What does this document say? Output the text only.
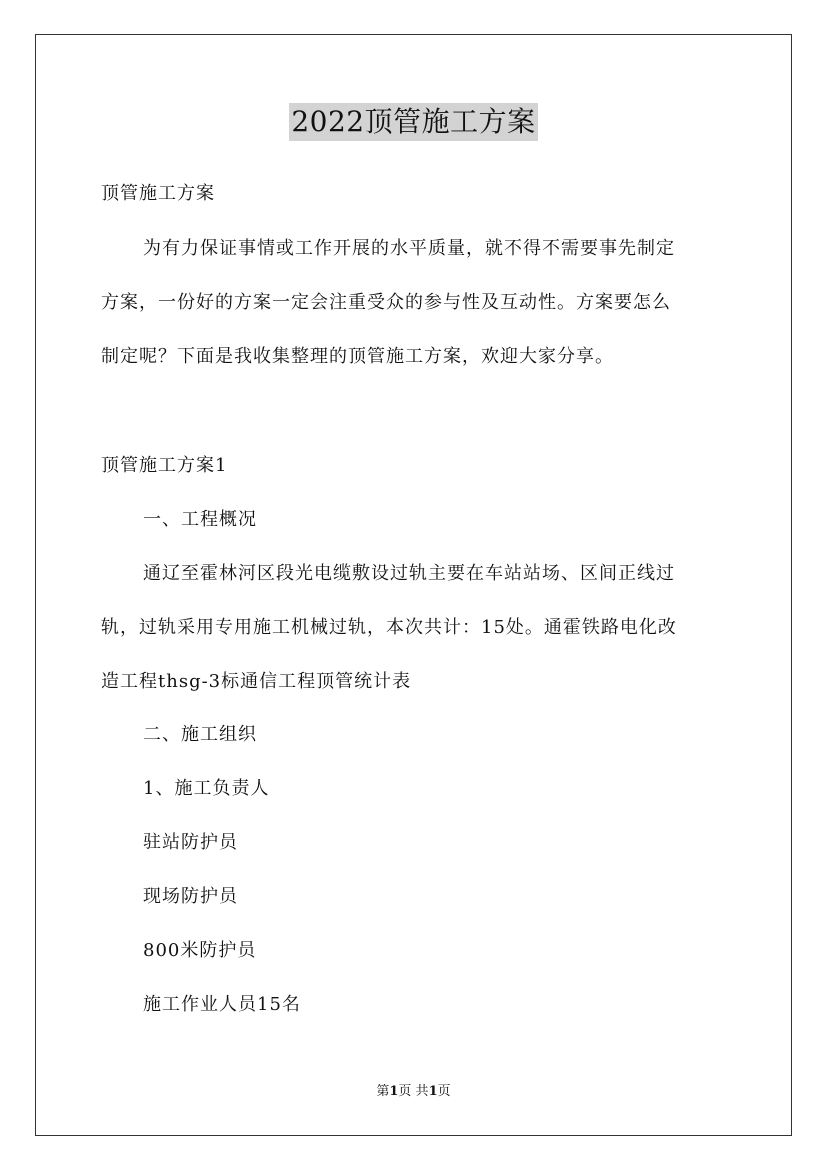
2022顶管施工方案
顶管施工方案
为有力保证事情或工作开展的水平质量，就不得不需要事先制定
方案，一份好的方案一定会注重受众的参与性及互动性。方案要怎么
制定呢？下面是我收集整理的顶管施工方案，欢迎大家分享。
顶管施工方案1
一、工程概况
通辽至霍林河区段光电缆敷设过轨主要在车站站场、区间正线过
轨，过轨采用专用施工机械过轨，本次共计：15处。通霍铁路电化改
造工程thsg-3标通信工程顶管统计表
二、施工组织
1、施工负责人
驻站防护员
现场防护员
800米防护员
施工作业人员15名
第1页 共1页
